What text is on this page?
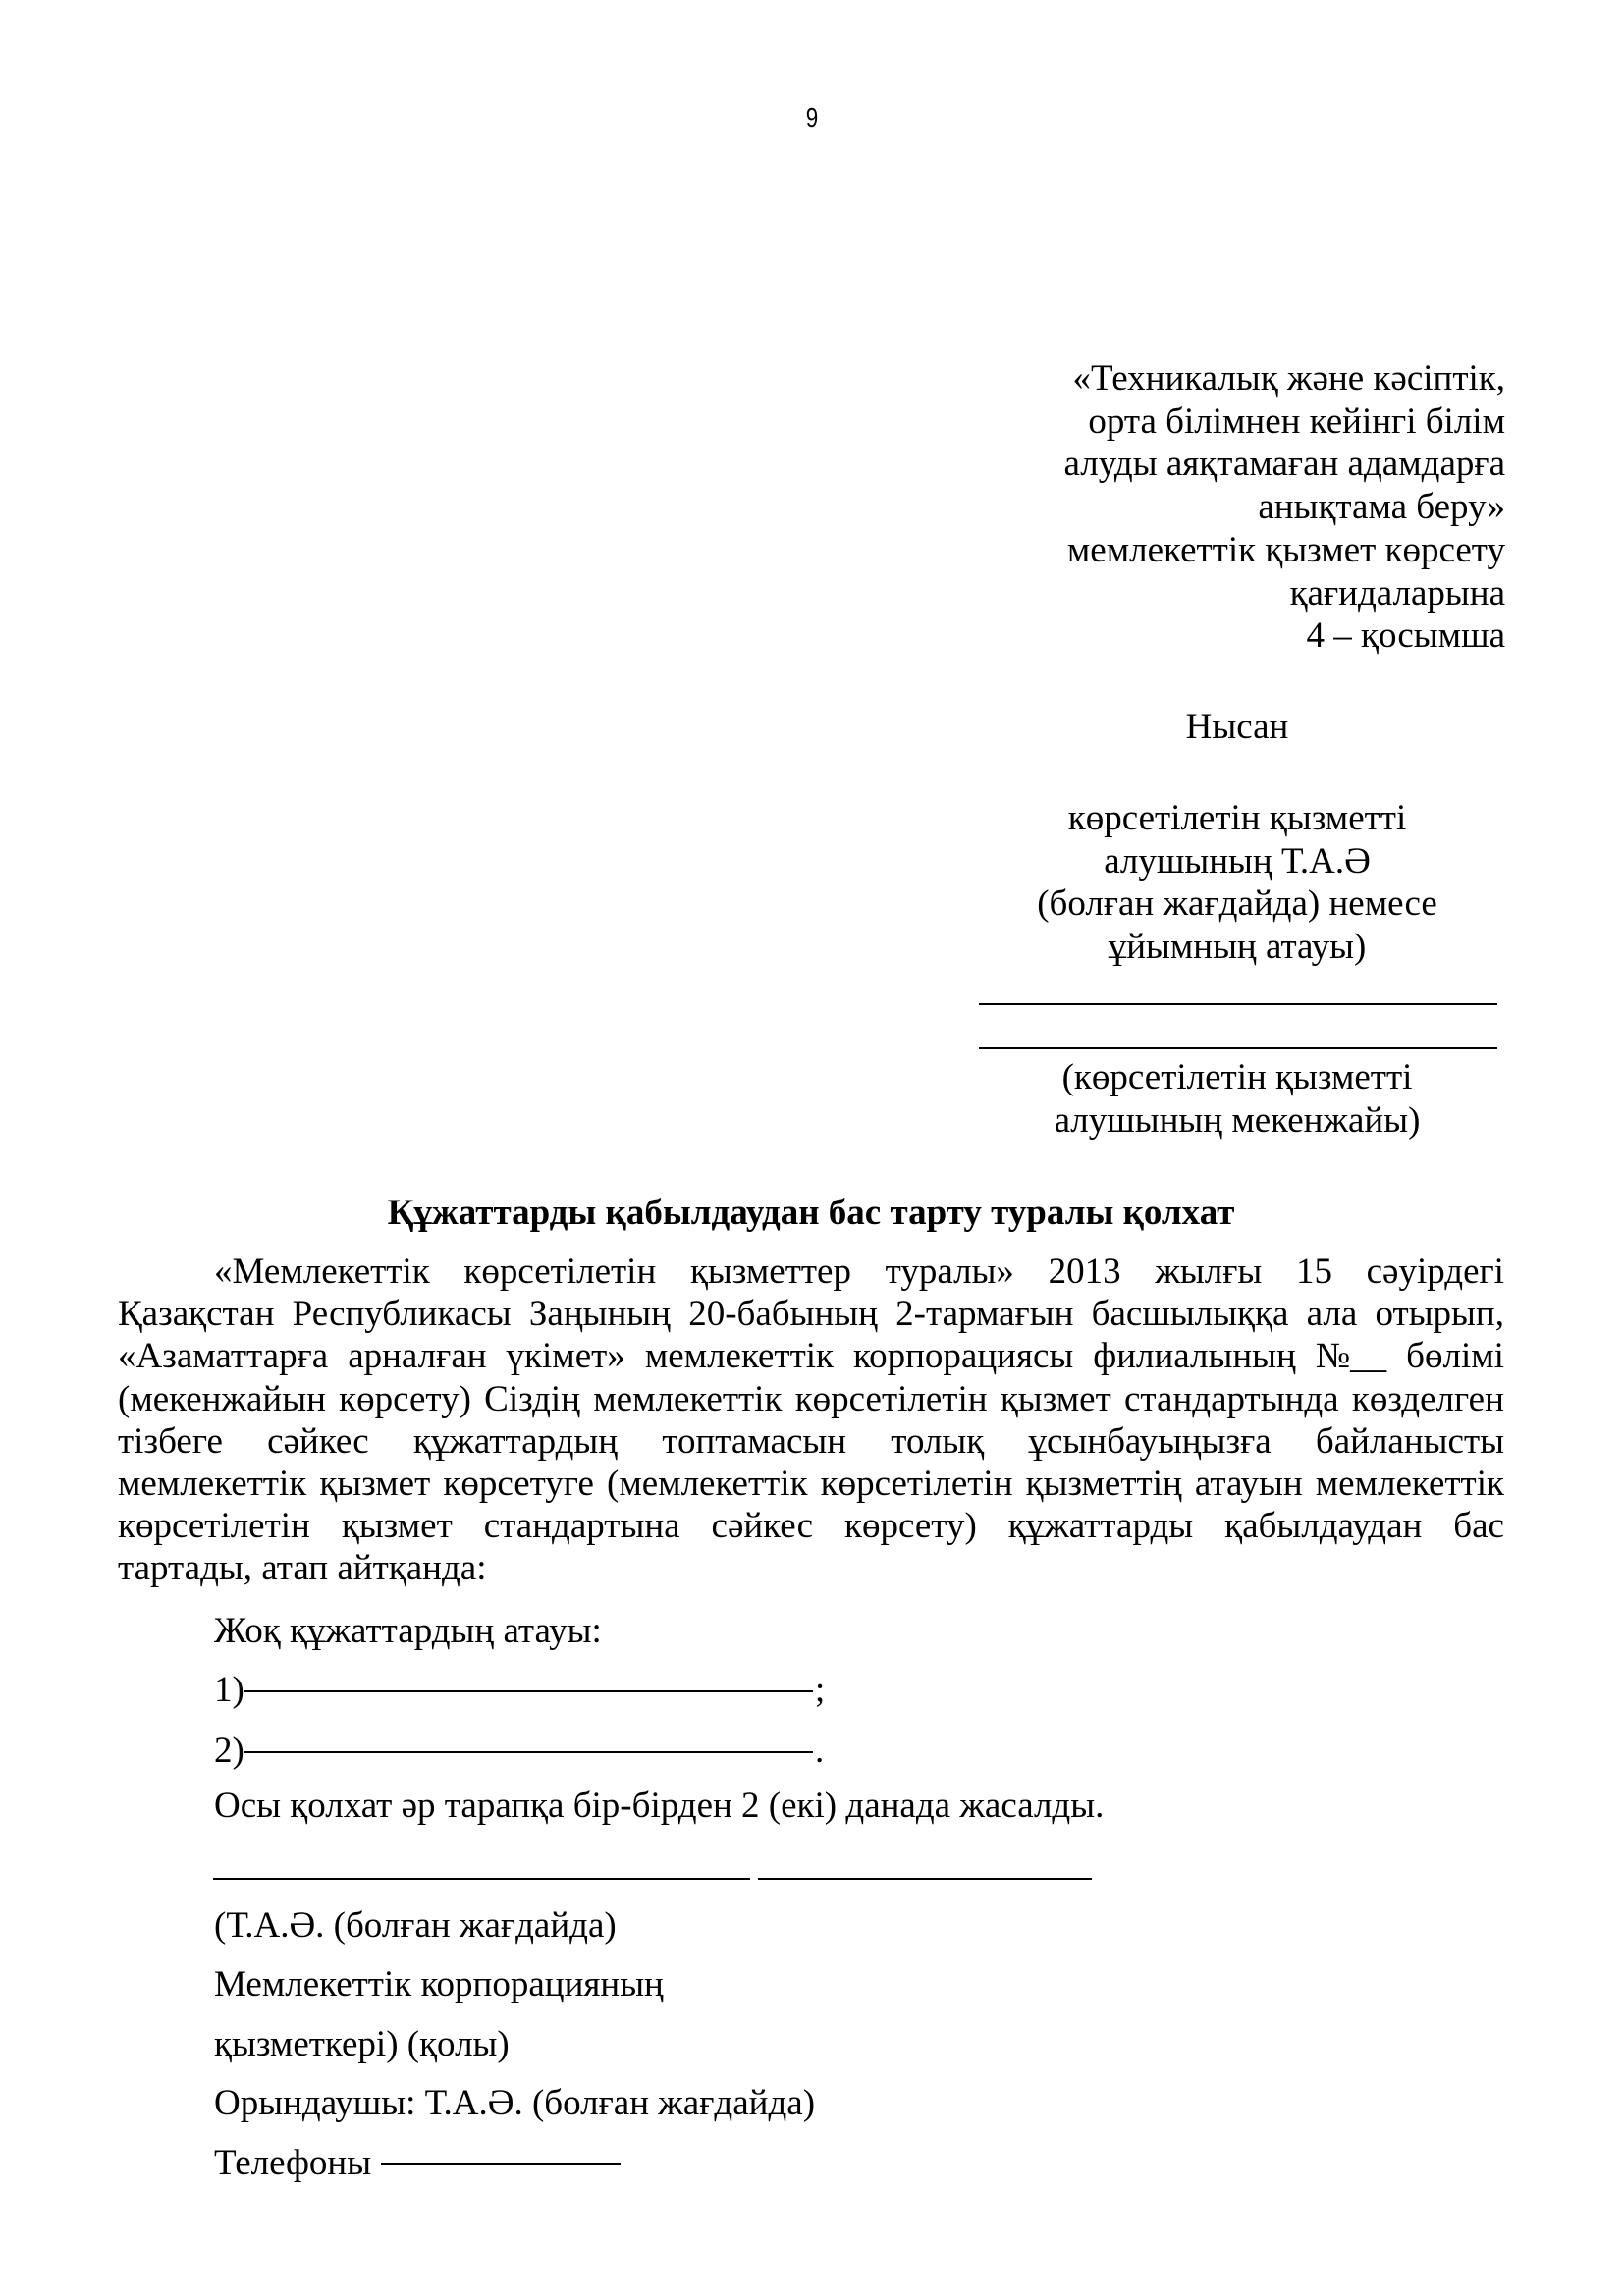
9
«Техникалық және кәсіптік,
орта білімнен кейінгі білім
алуды аяқтамаған адамдарға
анықтама беру»
мемлекеттік қызмет көрсету
қағидаларына
4 – қосымша
Нысан
көрсетілетін қызметті
алушының Т.А.Ә
(болған жағдайда) немесе
ұйымның атауы)
(көрсетілетін қызметті
алушының мекенжайы)
Құжаттарды қабылдаудан бас тарту туралы қолхат
«Мемлекеттік көрсетілетін қызметтер туралы» 2013 жылғы 15 сәуірдегі
Қазақстан Республикасы Заңының 20-бабының 2-тармағын басшылыққа ала отырып,
«Азаматтарға арналған үкімет» мемлекеттік корпорациясы филиалының №__ бөлімі
(мекенжайын көрсету) Сіздің мемлекеттік көрсетілетін қызмет стандартында көзделген
тізбеге сәйкес құжаттардың топтамасын толық ұсынбауыңызға байланысты
мемлекеттік қызмет көрсетуге (мемлекеттік көрсетілетін қызметтің атауын мемлекеттік
көрсетілетін қызмет стандартына сәйкес көрсету) құжаттарды қабылдаудан бас
тартады, атап айтқанда:
Жоқ құжаттардың атауы:
1)	;
2)	.
Осы қолхат әр тарапқа бір-бірден 2 (екі) данада жасалды.
(Т.А.Ә. (болған жағдайда)
Мемлекеттік корпорацияның
қызметкері) (қолы)
Орындаушы: Т.А.Ә. (болған жағдайда)
Телефоны
